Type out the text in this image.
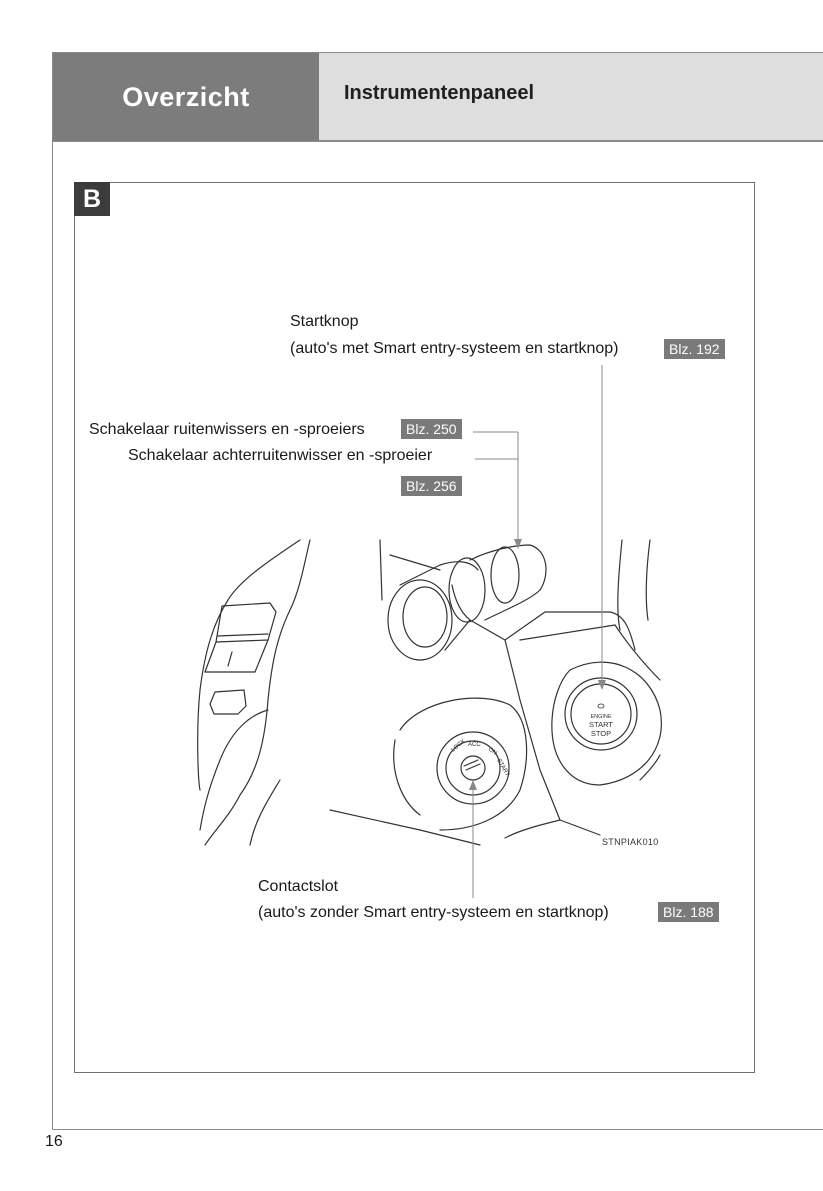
Overzicht	Instrumentenpaneel
B
LOCK ACC
ON
START
ENGINE
START
STOP
Startknop
(auto's met Smart entry-systeem en startknop)	Blz. 192
Schakelaar ruitenwissers en -sproeiers	Blz. 250
Schakelaar achterruitenwisser en -sproeier
Blz. 256
Contactslot
(auto's zonder Smart entry-systeem en startknop)	Blz. 188
STNPIAK010
16
